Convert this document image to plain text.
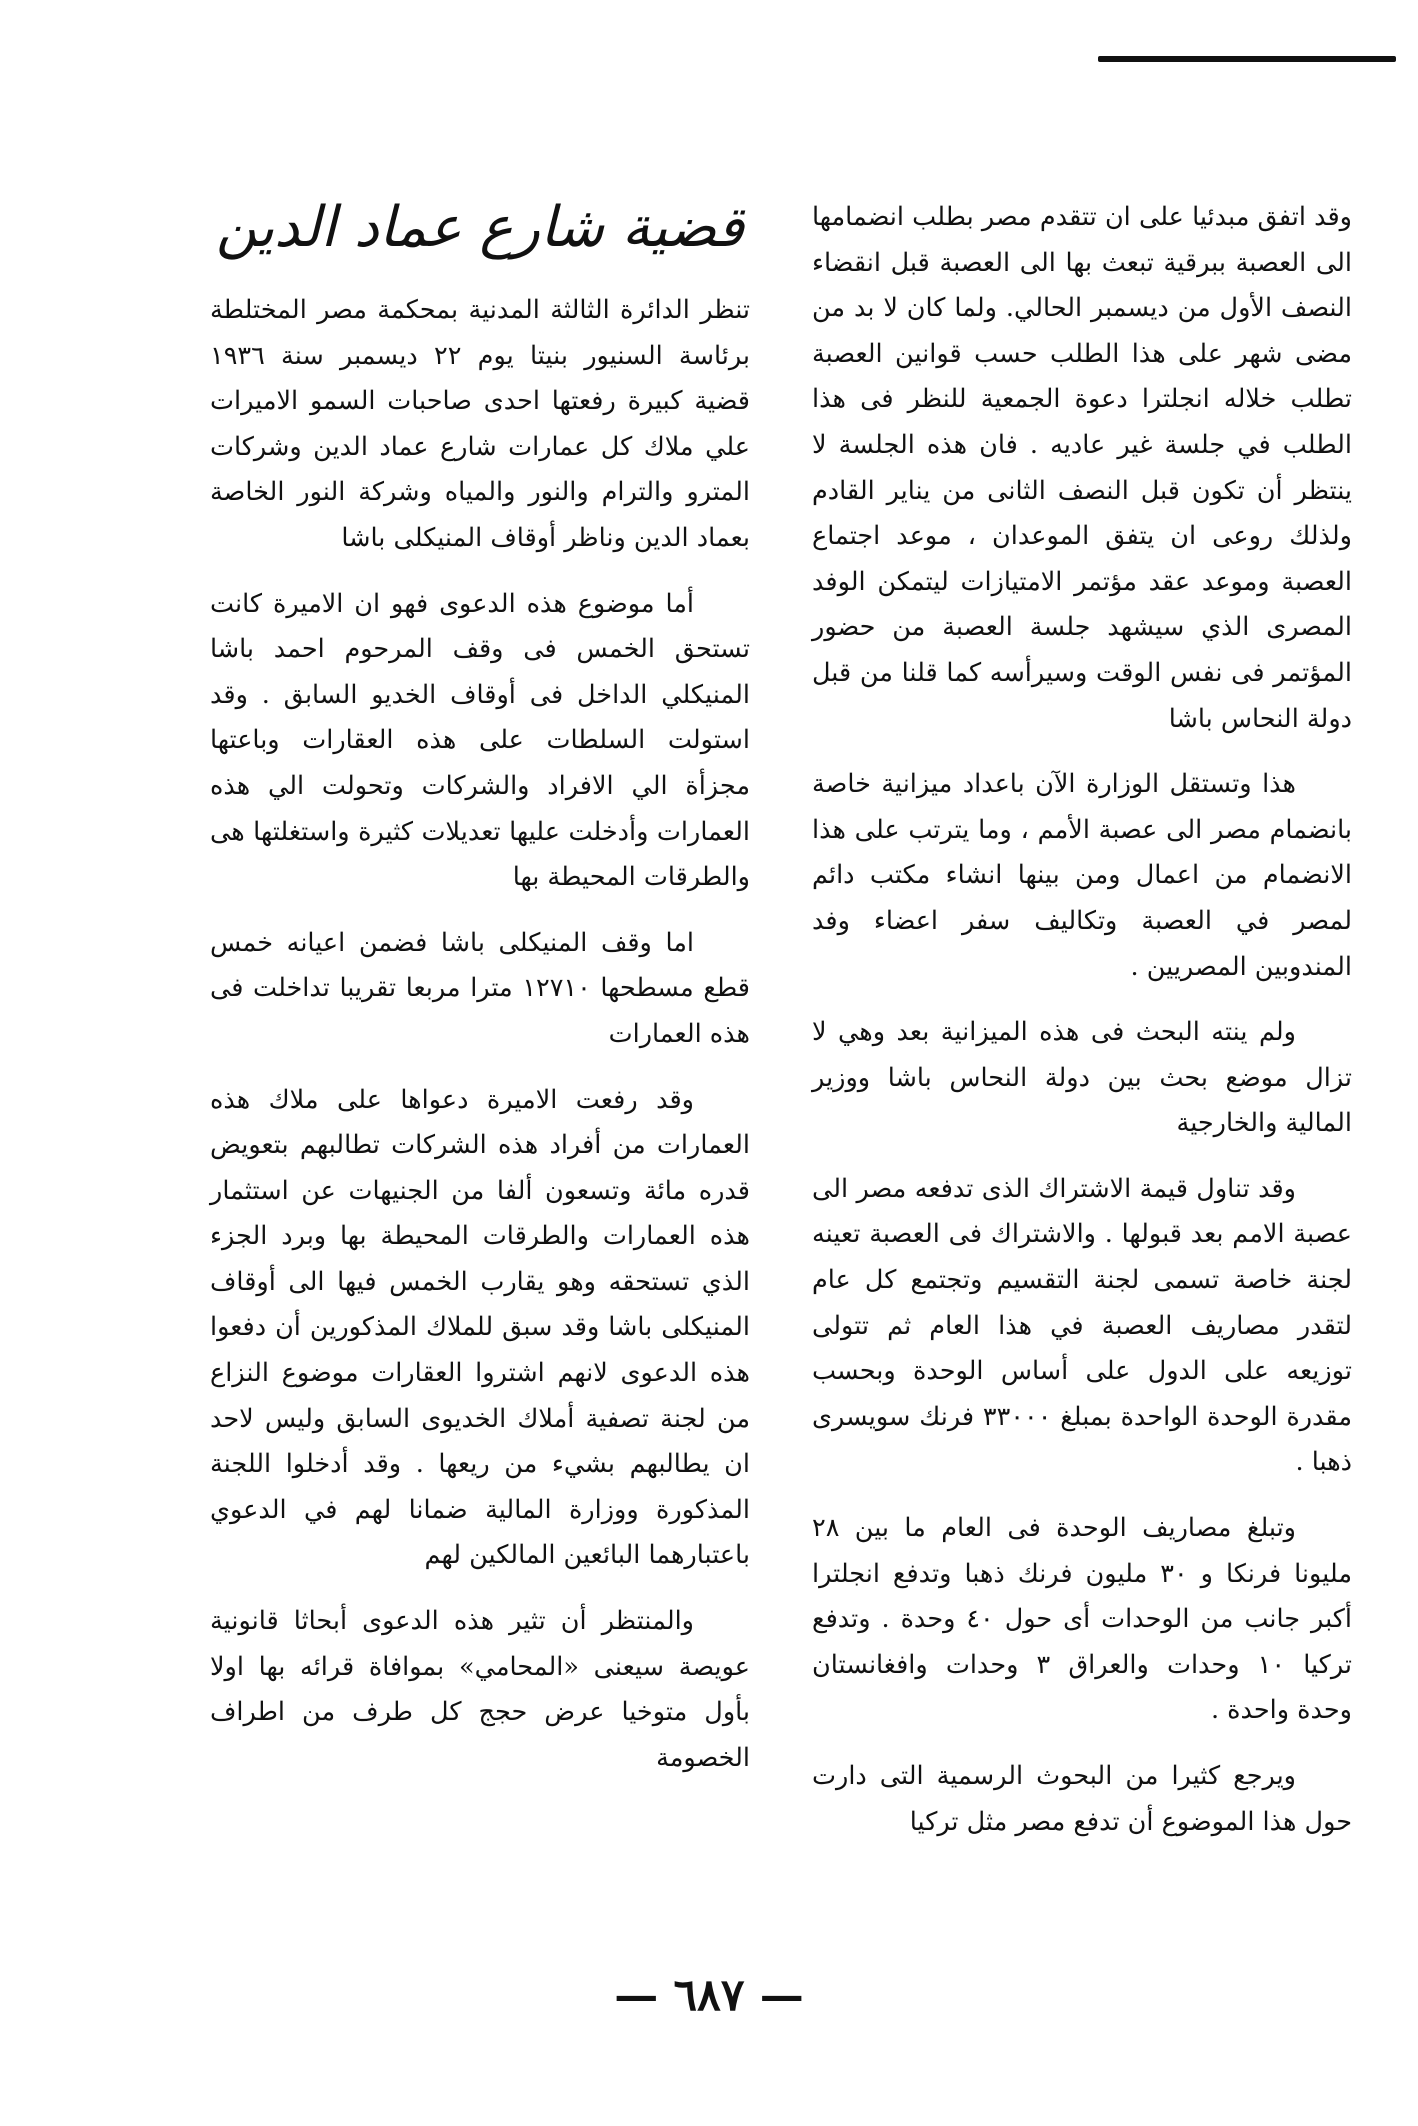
وقد اتفق مبدئيا على ان تتقدم مصر بطلب انضمامها الى العصبة ببرقية تبعث بها الى العصبة قبل انقضاء النصف الأول من ديسمبر الحالي. ولما كان لا بد من مضى شهر على هذا الطلب حسب قوانين العصبة تطلب خلاله انجلترا دعوة الجمعية للنظر فى هذا الطلب في جلسة غير عاديه . فان هذه الجلسة لا ينتظر أن تكون قبل النصف الثانى من يناير القادم ولذلك روعى ان يتفق الموعدان ، موعد اجتماع العصبة وموعد عقد مؤتمر الامتيازات ليتمكن الوفد المصرى الذي سيشهد جلسة العصبة من حضور المؤتمر فى نفس الوقت وسيرأسه كما قلنا من قبل دولة النحاس باشا

هذا وتستقل الوزارة الآن باعداد ميزانية خاصة بانضمام مصر الى عصبة الأمم ، وما يترتب على هذا الانضمام من اعمال ومن بينها انشاء مكتب دائم لمصر في العصبة وتكاليف سفر اعضاء وفد المندوبين المصريين .

ولم ينته البحث فى هذه الميزانية بعد وهي لا تزال موضع بحث بين دولة النحاس باشا ووزير المالية والخارجية

وقد تناول قيمة الاشتراك الذى تدفعه مصر الى عصبة الامم بعد قبولها . والاشتراك فى العصبة تعينه لجنة خاصة تسمى لجنة التقسيم وتجتمع كل عام لتقدر مصاريف العصبة في هذا العام ثم تتولى توزيعه على الدول على أساس الوحدة وبحسب مقدرة الوحدة الواحدة بمبلغ ٣٣٠٠٠ فرنك سويسرى ذهبا .

وتبلغ مصاريف الوحدة فى العام ما بين ٢٨ مليونا فرنكا و ٣٠ مليون فرنك ذهبا وتدفع انجلترا أكبر جانب من الوحدات أى حول ٤٠ وحدة . وتدفع تركيا ١٠ وحدات والعراق ٣ وحدات وافغانستان وحدة واحدة .

ويرجع كثيرا من البحوث الرسمية التى دارت حول هذا الموضوع أن تدفع مصر مثل تركيا

قضية شارع عماد الدين

تنظر الدائرة الثالثة المدنية بمحكمة مصر المختلطة برئاسة السنيور بنيتا يوم ٢٢ ديسمبر سنة ١٩٣٦ قضية كبيرة رفعتها احدى صاحبات السمو الاميرات علي ملاك كل عمارات شارع عماد الدين وشركات المترو والترام والنور والمياه وشركة النور الخاصة بعماد الدين وناظر أوقاف المنيكلى باشا

أما موضوع هذه الدعوى فهو ان الاميرة كانت تستحق الخمس فى وقف المرحوم احمد باشا المنيكلي الداخل فى أوقاف الخديو السابق . وقد استولت السلطات على هذه العقارات وباعتها مجزأة الي الافراد والشركات وتحولت الي هذه العمارات وأدخلت عليها تعديلات كثيرة واستغلتها هى والطرقات المحيطة بها

اما وقف المنيكلى باشا فضمن اعيانه خمس قطع مسطحها ١٢٧١٠ مترا مربعا تقريبا تداخلت فى هذه العمارات

وقد رفعت الاميرة دعواها على ملاك هذه العمارات من أفراد هذه الشركات تطالبهم بتعويض قدره مائة وتسعون ألفا من الجنيهات عن استثمار هذه العمارات والطرقات المحيطة بها وبرد الجزء الذي تستحقه وهو يقارب الخمس فيها الى أوقاف المنيكلى باشا وقد سبق للملاك المذكورين أن دفعوا هذه الدعوى لانهم اشتروا العقارات موضوع النزاع من لجنة تصفية أملاك الخديوى السابق وليس لاحد ان يطالبهم بشيء من ريعها . وقد أدخلوا اللجنة المذكورة ووزارة المالية ضمانا لهم في الدعوي باعتبارهما البائعين المالكين لهم

والمنتظر أن تثير هذه الدعوى أبحاثا قانونية عويصة سيعنى «المحامي» بموافاة قرائه بها اولا بأول متوخيا عرض حجج كل طرف من اطراف الخصومة

— ٦٨٧ —
